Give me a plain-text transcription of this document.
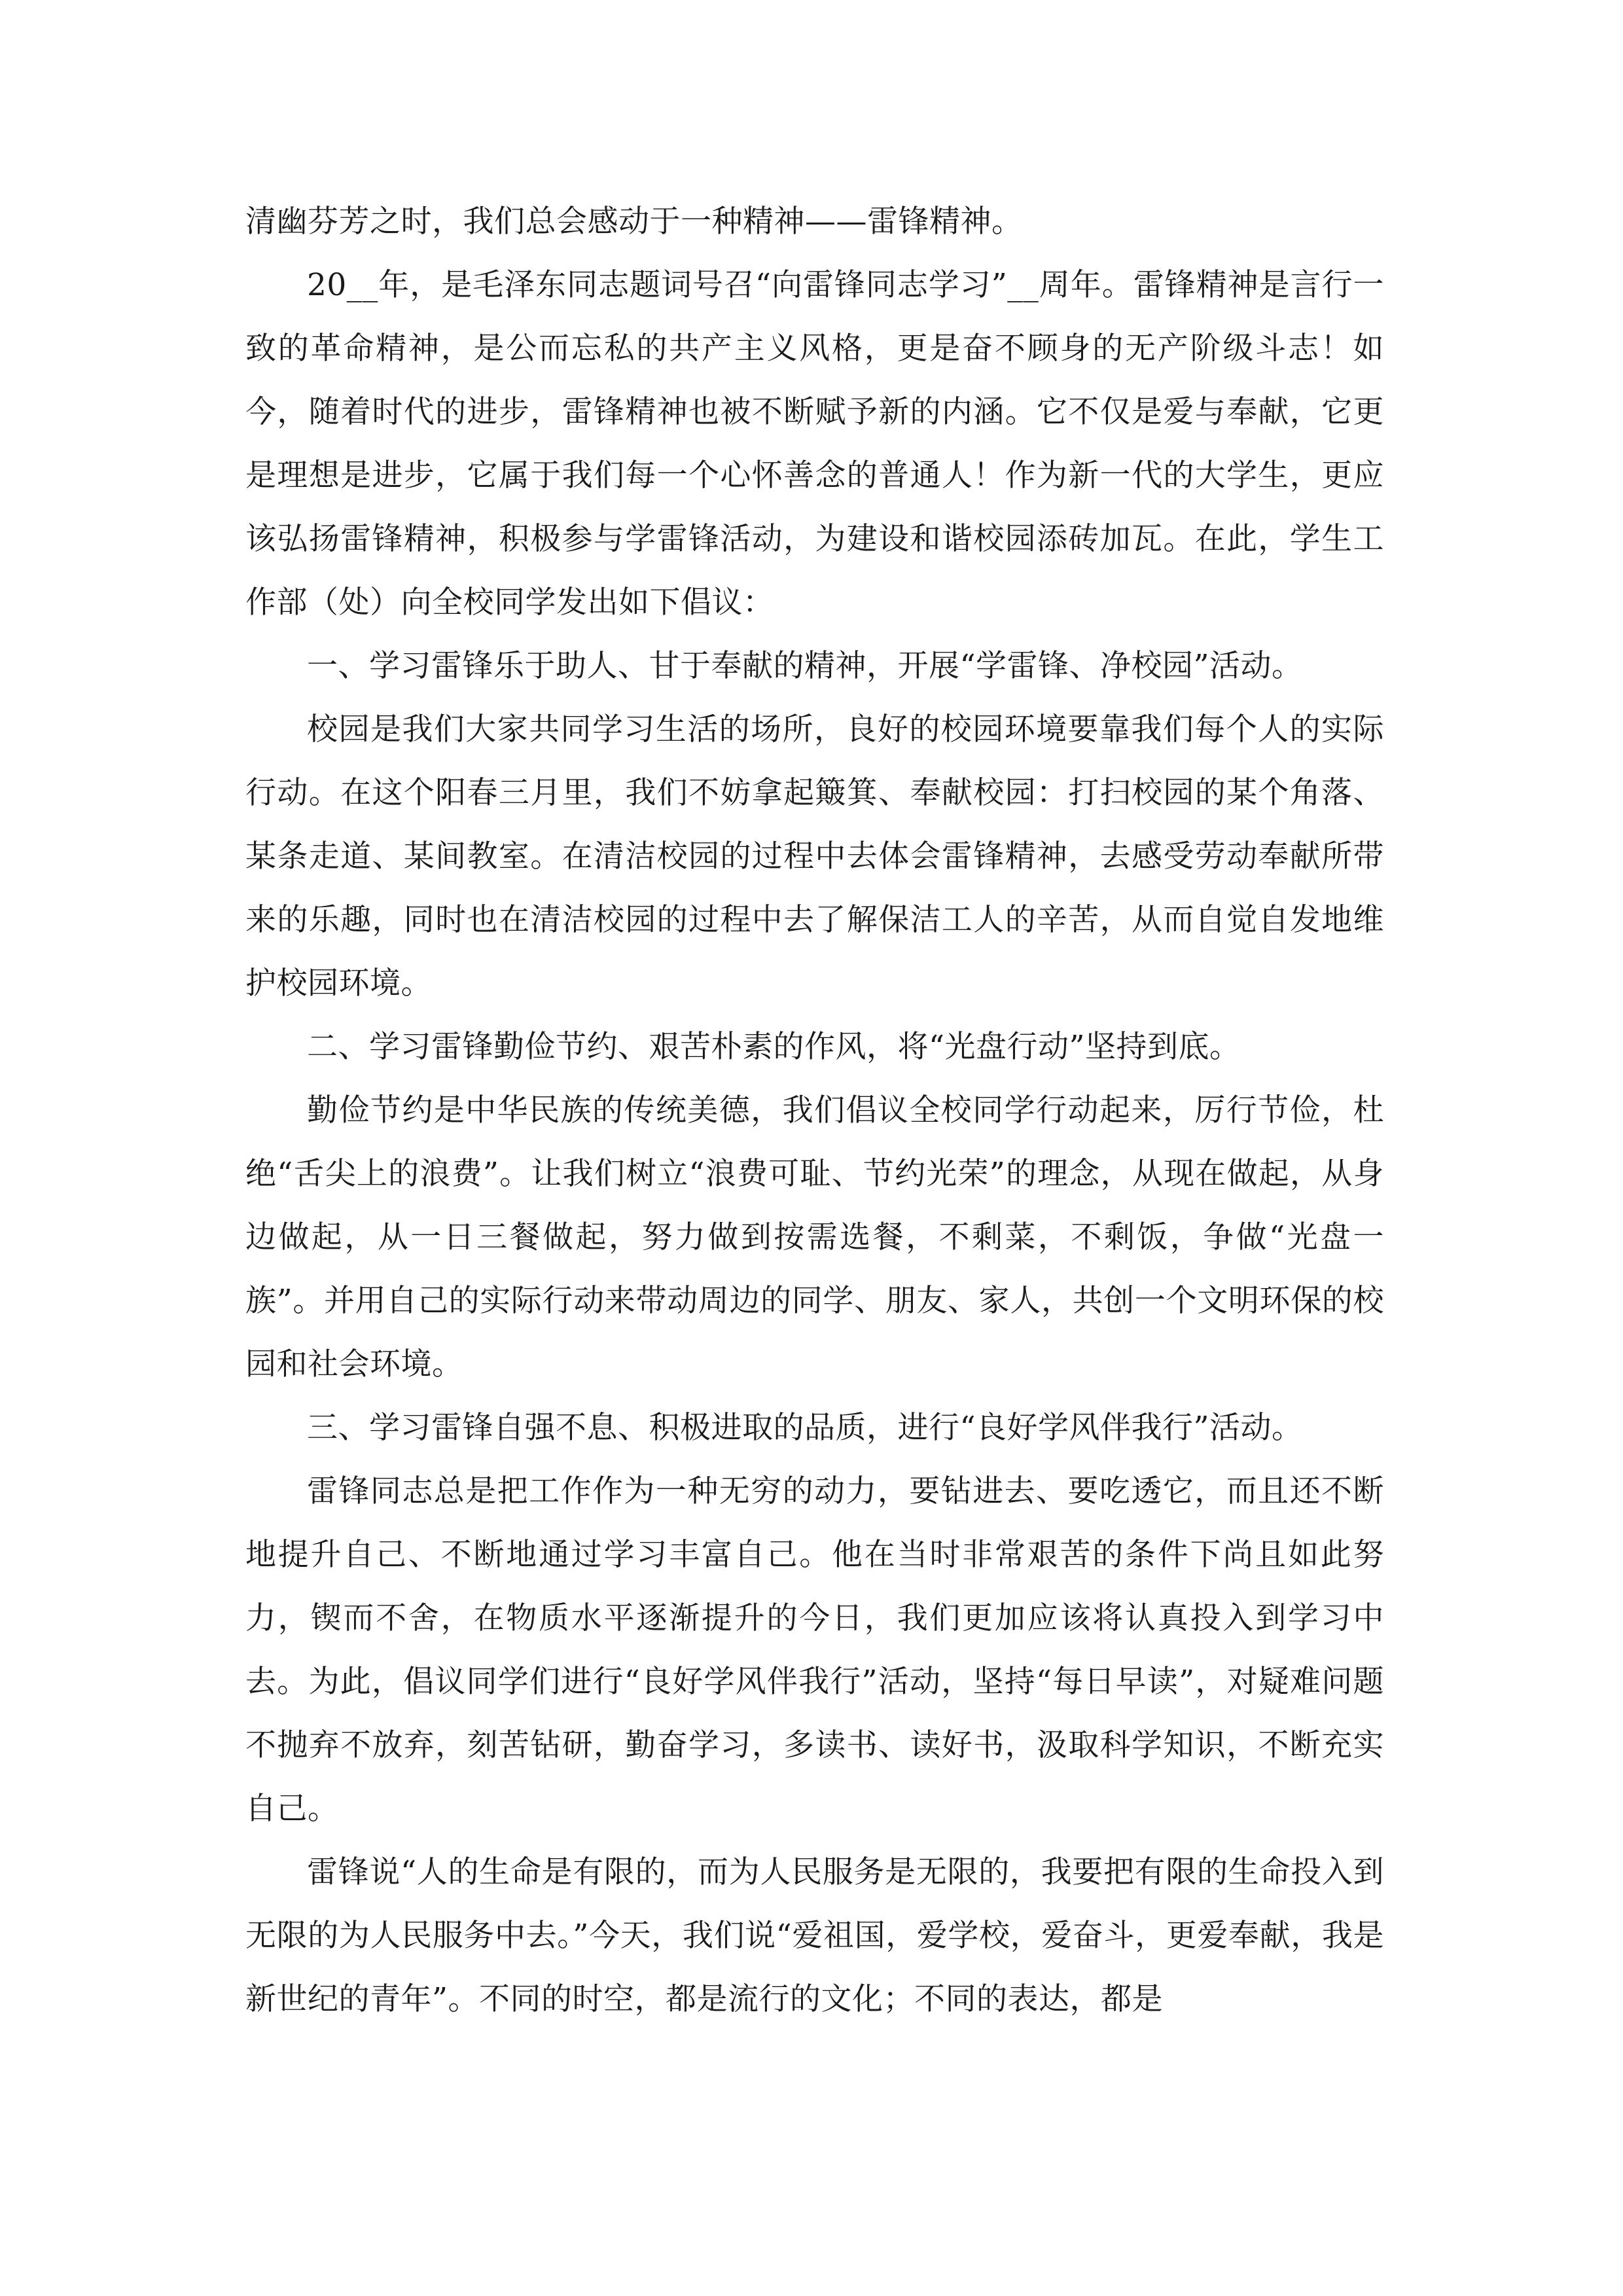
清幽芬芳之时，我们总会感动于一种精神——雷锋精神。

20__年，是毛泽东同志题词号召“向雷锋同志学习”__周年。雷锋精神是言行一致的革命精神，是公而忘私的共产主义风格，更是奋不顾身的无产阶级斗志！如今，随着时代的进步，雷锋精神也被不断赋予新的内涵。它不仅是爱与奉献，它更是理想是进步，它属于我们每一个心怀善念的普通人！作为新一代的大学生，更应该弘扬雷锋精神，积极参与学雷锋活动，为建设和谐校园添砖加瓦。在此，学生工作部（处）向全校同学发出如下倡议：

一、学习雷锋乐于助人、甘于奉献的精神，开展“学雷锋、净校园”活动。

校园是我们大家共同学习生活的场所，良好的校园环境要靠我们每个人的实际行动。在这个阳春三月里，我们不妨拿起簸箕、奉献校园：打扫校园的某个角落、某条走道、某间教室。在清洁校园的过程中去体会雷锋精神，去感受劳动奉献所带来的乐趣，同时也在清洁校园的过程中去了解保洁工人的辛苦，从而自觉自发地维护校园环境。

二、学习雷锋勤俭节约、艰苦朴素的作风，将“光盘行动”坚持到底。

勤俭节约是中华民族的传统美德，我们倡议全校同学行动起来，厉行节俭，杜绝“舌尖上的浪费”。让我们树立“浪费可耻、节约光荣”的理念，从现在做起，从身边做起，从一日三餐做起，努力做到按需选餐，不剩菜，不剩饭，争做“光盘一族”。并用自己的实际行动来带动周边的同学、朋友、家人，共创一个文明环保的校园和社会环境。

三、学习雷锋自强不息、积极进取的品质，进行“良好学风伴我行”活动。

雷锋同志总是把工作作为一种无穷的动力，要钻进去、要吃透它，而且还不断地提升自己、不断地通过学习丰富自己。他在当时非常艰苦的条件下尚且如此努力，锲而不舍，在物质水平逐渐提升的今日，我们更加应该将认真投入到学习中去。为此，倡议同学们进行“良好学风伴我行”活动，坚持“每日早读”，对疑难问题不抛弃不放弃，刻苦钻研，勤奋学习，多读书、读好书，汲取科学知识，不断充实自己。

雷锋说“人的生命是有限的，而为人民服务是无限的，我要把有限的生命投入到无限的为人民服务中去。”今天，我们说“爱祖国，爱学校，爱奋斗，更爱奉献，我是新世纪的青年”。不同的时空，都是流行的文化；不同的表达，都是
